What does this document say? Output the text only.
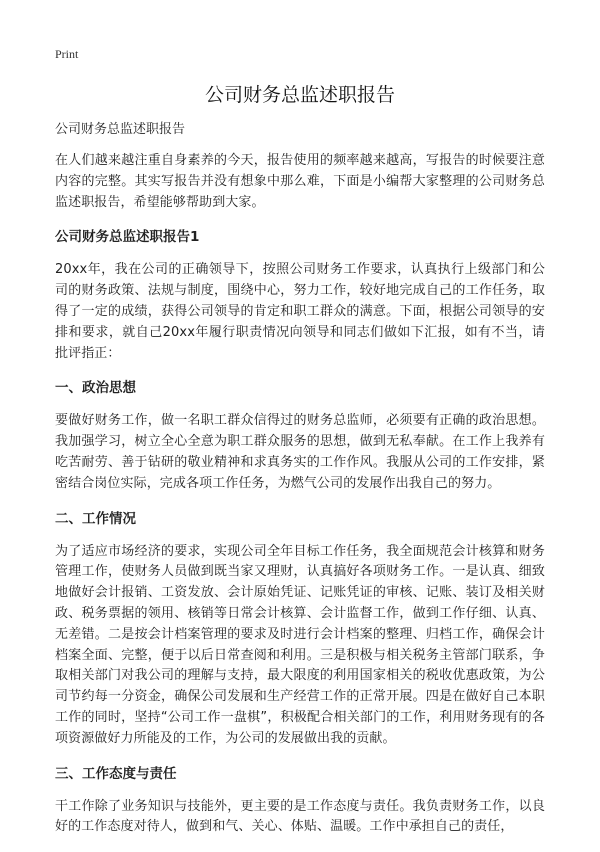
Print
公司财务总监述职报告

公司财务总监述职报告

在人们越来越注重自身素养的今天，报告使用的频率越来越高，写报告的时候要注意内容的完整。其实写报告并没有想象中那么难，下面是小编帮大家整理的公司财务总监述职报告，希望能够帮助到大家。

公司财务总监述职报告1

20xx年，我在公司的正确领导下，按照公司财务工作要求，认真执行上级部门和公司的财务政策、法规与制度，围绕中心，努力工作，较好地完成自己的工作任务，取得了一定的成绩，获得公司领导的肯定和职工群众的满意。下面，根据公司领导的安排和要求，就自己20xx年履行职责情况向领导和同志们做如下汇报，如有不当，请批评指正：

一、政治思想

要做好财务工作，做一名职工群众信得过的财务总监师，必须要有正确的政治思想。我加强学习，树立全心全意为职工群众服务的思想，做到无私奉献。在工作上我养有吃苦耐劳、善于钻研的敬业精神和求真务实的工作作风。我服从公司的工作安排，紧密结合岗位实际，完成各项工作任务，为燃气公司的发展作出我自己的努力。

二、工作情况

为了适应市场经济的要求，实现公司全年目标工作任务，我全面规范会计核算和财务管理工作，使财务人员做到既当家又理财，认真搞好各项财务工作。一是认真、细致地做好会计报销、工资发放、会计原始凭证、记账凭证的审核、记账、装订及相关财政、税务票据的领用、核销等日常会计核算、会计监督工作，做到工作仔细、认真、无差错。二是按会计档案管理的要求及时进行会计档案的整理、归档工作，确保会计档案全面、完整，便于以后日常查阅和利用。三是积极与相关税务主管部门联系，争取相关部门对我公司的理解与支持，最大限度的利用国家相关的税收优惠政策，为公司节约每一分资金，确保公司发展和生产经营工作的正常开展。四是在做好自己本职工作的同时，坚持“公司工作一盘棋”，积极配合相关部门的工作，利用财务现有的各项资源做好力所能及的工作，为公司的发展做出我的贡献。

三、工作态度与责任

干工作除了业务知识与技能外，更主要的是工作态度与责任。我负责财务工作，以良好的工作态度对待人，做到和气、关心、体贴、温暖。工作中承担自己的责任，
